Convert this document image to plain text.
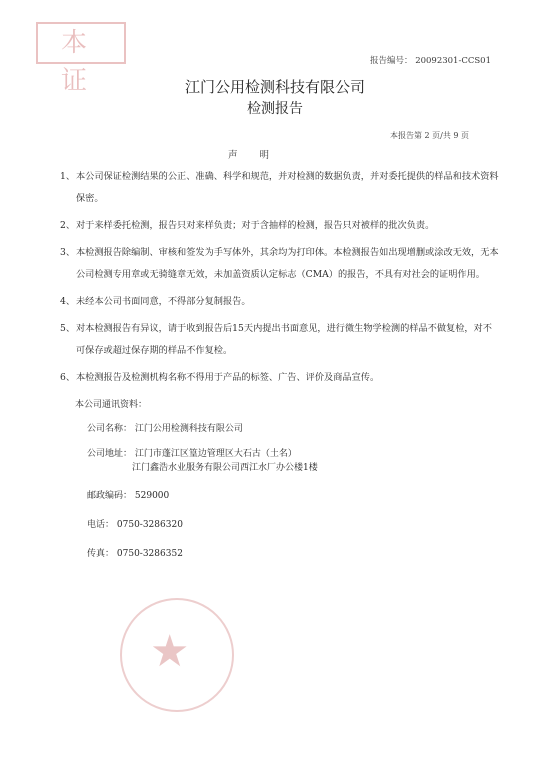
本 证
报告编号： 20092301-CCS01
江门公用检测科技有限公司
检测报告
本报告第 2 页/共 9 页
声明
1、 本公司保证检测结果的公正、准确、科学和规范，并对检测的数据负责，并对委托提供的样品和技术资料保密。
2、 对于来样委托检测，报告只对来样负责；对于含抽样的检测，报告只对被样的批次负责。
3、 本检测报告除编制、审核和签发为手写体外，其余均为打印体。本检测报告如出现增删或涂改无效，无本公司检测专用章或无骑缝章无效，未加盖资质认定标志（CMA）的报告，不具有对社会的证明作用。
4、 未经本公司书面同意，不得部分复制报告。
5、 对本检测报告有异议，请于收到报告后15天内提出书面意见，进行微生物学检测的样品不做复检，对不可保存或超过保存期的样品不作复检。
6、 本检测报告及检测机构名称不得用于产品的标签、广告、评价及商品宣传。
本公司通讯资料：
公司名称： 江门公用检测科技有限公司
公司地址： 江门市蓬江区篁边管理区大石古（土名）
江门鑫浩水业服务有限公司西江水厂办公楼1楼
邮政编码： 529000
电话： 0750-3286320
传真： 0750-3286352
★
